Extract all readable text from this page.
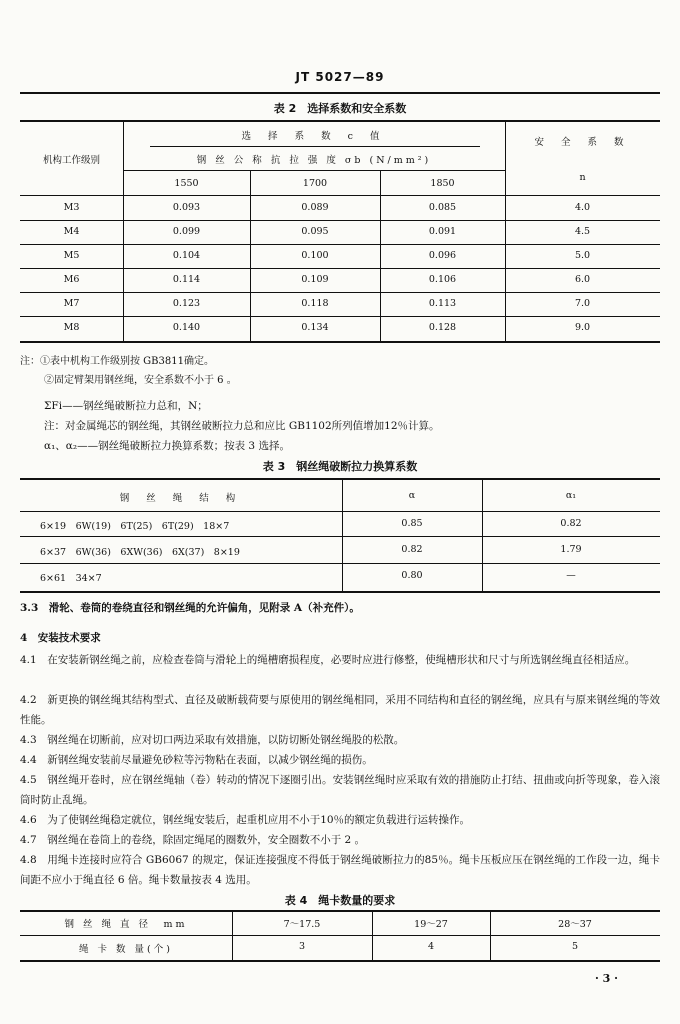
JT 5027—89
表 2　选择系数和安全系数
机构工作级别
选 择 系 数 c 值
钢 丝 公 称 抗 拉 强 度 σb (N/mm²)
安 全 系 数
n
1550	1700	1850
M3	0.093	0.089	0.085	4.0
M4	0.099	0.095	0.091	4.5
M5	0.104	0.100	0.096	5.0
M6	0.114	0.109	0.106	6.0
M7	0.123	0.118	0.113	7.0
M8	0.140	0.134	0.128	9.0
注：①表中机构工作级别按 GB3811确定。
②固定臂架用钢丝绳，安全系数不小于 6 。
ΣFi——钢丝绳破断拉力总和，N；
注：对金属绳芯的钢丝绳，其钢丝破断拉力总和应比 GB1102所列值增加12％计算。
α₁、α₂——钢丝绳破断拉力换算系数；按表 3 选择。
表 3　钢丝绳破断拉力换算系数
钢 丝 绳 结 构	α	α₁
6×19　6W(19)　6T(25)　6T(29)　18×7	0.85	0.82
6×37　6W(36)　6XW(36)　6X(37)　8×19	0.82	1.79
6×61　34×7	0.80	—
3.3　滑轮、卷筒的卷绕直径和钢丝绳的允许偏角，见附录 A（补充件）。
4　安装技术要求
4.1　在安装新钢丝绳之前，应检查卷筒与滑轮上的绳槽磨损程度，必要时应进行修整，使绳槽形状和尺寸与所选钢丝绳直径相适应。
4.2　新更换的钢丝绳其结构型式、直径及破断载荷要与原使用的钢丝绳相同，采用不同结构和直径的钢丝绳，应具有与原来钢丝绳的等效性能。
4.3　钢丝绳在切断前，应对切口两边采取有效措施，以防切断处钢丝绳股的松散。
4.4　新钢丝绳安装前尽量避免砂粒等污物粘在表面，以减少钢丝绳的损伤。
4.5　钢丝绳开卷时，应在钢丝绳轴（卷）转动的情况下逐圈引出。安装钢丝绳时应采取有效的措施防止打结、扭曲或向折等现象，卷入滚筒时防止乱绳。
4.6　为了使钢丝绳稳定就位，钢丝绳安装后，起重机应用不小于10％的额定负载进行运转操作。
4.7　钢丝绳在卷筒上的卷绕，除固定绳尾的圈数外，安全圈数不小于 2 。
4.8　用绳卡连接时应符合 GB6067 的规定，保证连接强度不得低于钢丝绳破断拉力的85％。绳卡压板应压在钢丝绳的工作段一边，绳卡间距不应小于绳直径 6 倍。绳卡数量按表 4 选用。
表 4　绳卡数量的要求
钢 丝 绳 直 径　mm	7～17.5	19～27	28～37
绳 卡 数 量(个)	3	4	5
· 3 ·
